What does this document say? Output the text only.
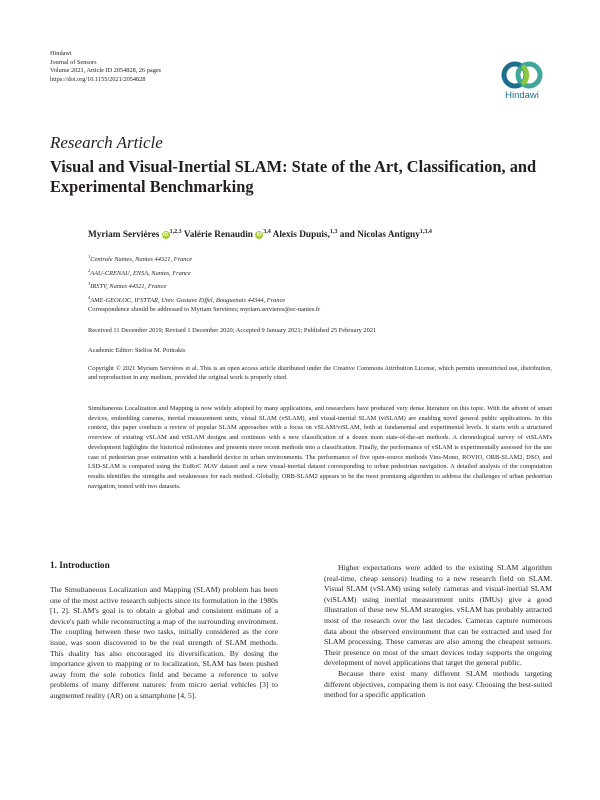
Hindawi
Journal of Sensors
Volume 2021, Article ID 2054828, 26 pages
https://doi.org/10.1155/2021/2054828
Hindawi
Research Article
Visual and Visual-Inertial SLAM: State of the Art, Classification, and Experimental Benchmarking
Myriam Servières iD $^{1,2,3}$ Valérie Renaudin iD $^{3,4}$ Alexis Dupuis,$^{1,3}$ and Nicolas Antigny$^{1,3,4}$
$^1$Centrale Nantes, Nantes 44321, France
$^2$AAU-CRENAU, ENSA, Nantes, France
$^3$IRSTV, Nantes 44321, France
$^4$AME-GEOLOC, IFSTTAR, Univ. Gustave Eiffel, Bouguenais 44344, France
Correspondence should be addressed to Myriam Servières; myriam.servieres@ec-nantes.fr
Received 11 December 2019; Revised 1 December 2020; Accepted 9 January 2021; Published 25 February 2021
Academic Editor: Stelios M. Potirakis
Copyright © 2021 Myriam Servières et al. This is an open access article distributed under the Creative Commons Attribution License, which permits unrestricted use, distribution, and reproduction in any medium, provided the original work is properly cited.
Simultaneous Localization and Mapping is now widely adopted by many applications, and researchers have produced very dense literature on this topic. With the advent of smart devices, embedding cameras, inertial measurement units, visual SLAM (vSLAM), and visual-inertial SLAM (viSLAM) are enabling novel general public applications. In this context, this paper conducts a review of popular SLAM approaches with a focus on vSLAM/viSLAM, both at fundamental and experimental levels. It starts with a structured overview of existing vSLAM and viSLAM designs and continues with a new classification of a dozen main state-of-the-art methods. A chronological survey of viSLAM's development highlights the historical milestones and presents more recent methods into a classification. Finally, the performance of vSLAM is experimentally assessed for the use case of pedestrian pose estimation with a handheld device in urban environments. The performance of five open-source methods Vins-Mono, ROVIO, ORB-SLAM2, DSO, and LSD-SLAM is compared using the EuRoC MAV dataset and a new visual-inertial dataset corresponding to urban pedestrian navigation. A detailed analysis of the computation results identifies the strengths and weaknesses for each method. Globally, ORB-SLAM2 appears to be the most promising algorithm to address the challenges of urban pedestrian navigation, tested with two datasets.
1. Introduction

The Simultaneous Localization and Mapping (SLAM) problem has been one of the most active research subjects since its formulation in the 1980s [1, 2]. SLAM's goal is to obtain a global and consistent estimate of a device's path while reconstructing a map of the surrounding environment. The coupling between these two tasks, initially considered as the core issue, was soon discovered to be the real strength of SLAM methods. This duality has also encouraged its diversification. By dosing the importance given to mapping or to localization, SLAM has been pushed away from the sole robotics field and became a reference to solve problems of many different natures: from micro aerial vehicles [3] to augmented reality (AR) on a smartphone [4, 5].

Higher expectations were added to the existing SLAM algorithm (real-time, cheap sensors) leading to a new research field on SLAM. Visual SLAM (vSLAM) using solely cameras and visual-inertial SLAM (viSLAM) using inertial measurement units (IMUs) give a good illustration of these new SLAM strategies. vSLAM has probably attracted most of the research over the last decades. Cameras capture numerous data about the observed environment that can be extracted and used for SLAM processing. These cameras are also among the cheapest sensors. Their presence on most of the smart devices today supports the ongoing development of novel applications that target the general public.

Because there exist many different SLAM methods targeting different objectives, comparing them is not easy. Choosing the best-suited method for a specific application
